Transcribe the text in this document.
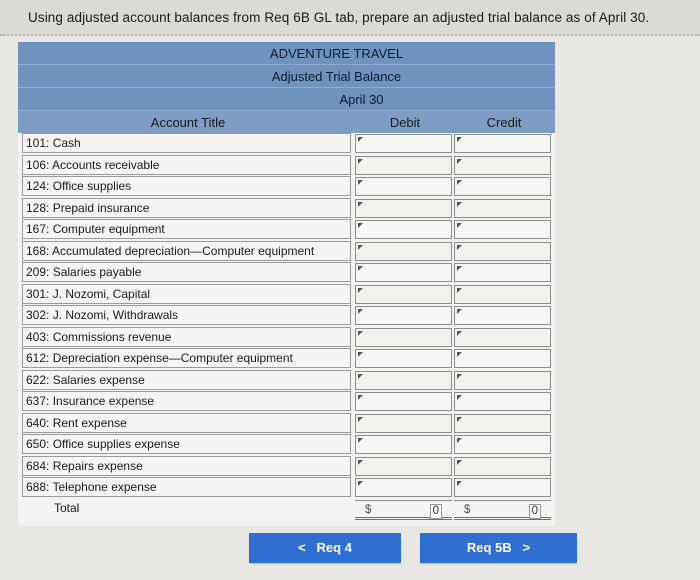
Using adjusted account balances from Req 6B GL tab, prepare an adjusted trial balance as of April 30.
ADVENTURE TRAVEL
Adjusted Trial Balance
April 30
Account Title	Debit	Credit
101: Cash
106: Accounts receivable
124: Office supplies
128: Prepaid insurance
167: Computer equipment
168: Accumulated depreciation—Computer equipment
209: Salaries payable
301: J. Nozomi, Capital
302: J. Nozomi, Withdrawals
403: Commissions revenue
612: Depreciation expense—Computer equipment
622: Salaries expense
637: Insurance expense
640: Rent expense
650: Office supplies expense
684: Repairs expense
688: Telephone expense
Total	$	0 $	0
< Req 4	Req 5B >
